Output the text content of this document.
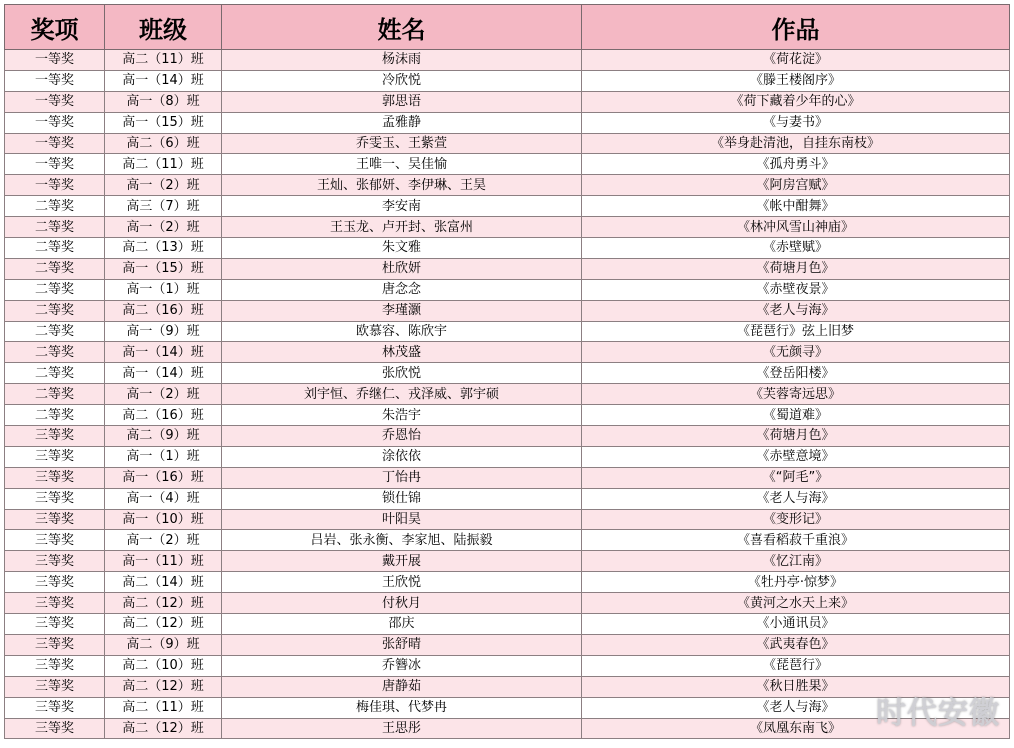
奖项	班级	姓名	作品
一等奖	高二（11）班	杨沫雨	《荷花淀》
一等奖	高一（14）班	冷欣悦	《滕王楼阁序》
一等奖	高一（8）班	郭思语	《荷下藏着少年的心》
一等奖	高一（15）班	孟雅静	《与妻书》
一等奖	高二（6）班	乔雯玉、王紫萱	《举身赴清池，自挂东南枝》
一等奖	高二（11）班	王唯一、吴佳愉	《孤舟勇斗》
一等奖	高一（2）班	王灿、张郁妍、李伊琳、王昊	《阿房宫赋》
二等奖	高三（7）班	李安南	《帐中酣舞》
二等奖	高一（2）班	王玉龙、卢开封、张富州	《林冲风雪山神庙》
二等奖	高二（13）班	朱文雅	《赤壁赋》
二等奖	高一（15）班	杜欣妍	《荷塘月色》
二等奖	高一（1）班	唐念念	《赤壁夜景》
二等奖	高二（16）班	李瑾灏	《老人与海》
二等奖	高一（9）班	欧慕容、陈欣宇	《琵琶行》弦上旧梦
二等奖	高一（14）班	林茂盛	《无颜寻》
二等奖	高一（14）班	张欣悦	《登岳阳楼》
二等奖	高一（2）班	刘宇恒、乔继仁、戎泽威、郭宇硕	《芙蓉寄远思》
二等奖	高二（16）班	朱浩宇	《蜀道难》
三等奖	高二（9）班	乔恩怡	《荷塘月色》
三等奖	高一（1）班	涂依依	《赤壁意境》
三等奖	高一（16）班	丁怡冉	《“阿毛”》
三等奖	高一（4）班	锁仕锦	《老人与海》
三等奖	高一（10）班	叶阳昊	《变形记》
三等奖	高一（2）班	吕岩、张永衡、李家旭、陆振毅	《喜看稻菽千重浪》
三等奖	高一（11）班	戴开展	《忆江南》
三等奖	高二（14）班	王欣悦	《牡丹亭·惊梦》
三等奖	高二（12）班	付秋月	《黄河之水天上来》
三等奖	高二（12）班	邵庆	《小通讯员》
三等奖	高二（9）班	张舒晴	《武夷春色》
三等奖	高二（10）班	乔簪冰	《琵琶行》
三等奖	高二（12）班	唐静茹	《秋日胜果》
三等奖	高二（11）班	梅佳琪、代梦冉	《老人与海》
三等奖	高二（12）班	王思彤	《凤凰东南飞》 时代安徽
